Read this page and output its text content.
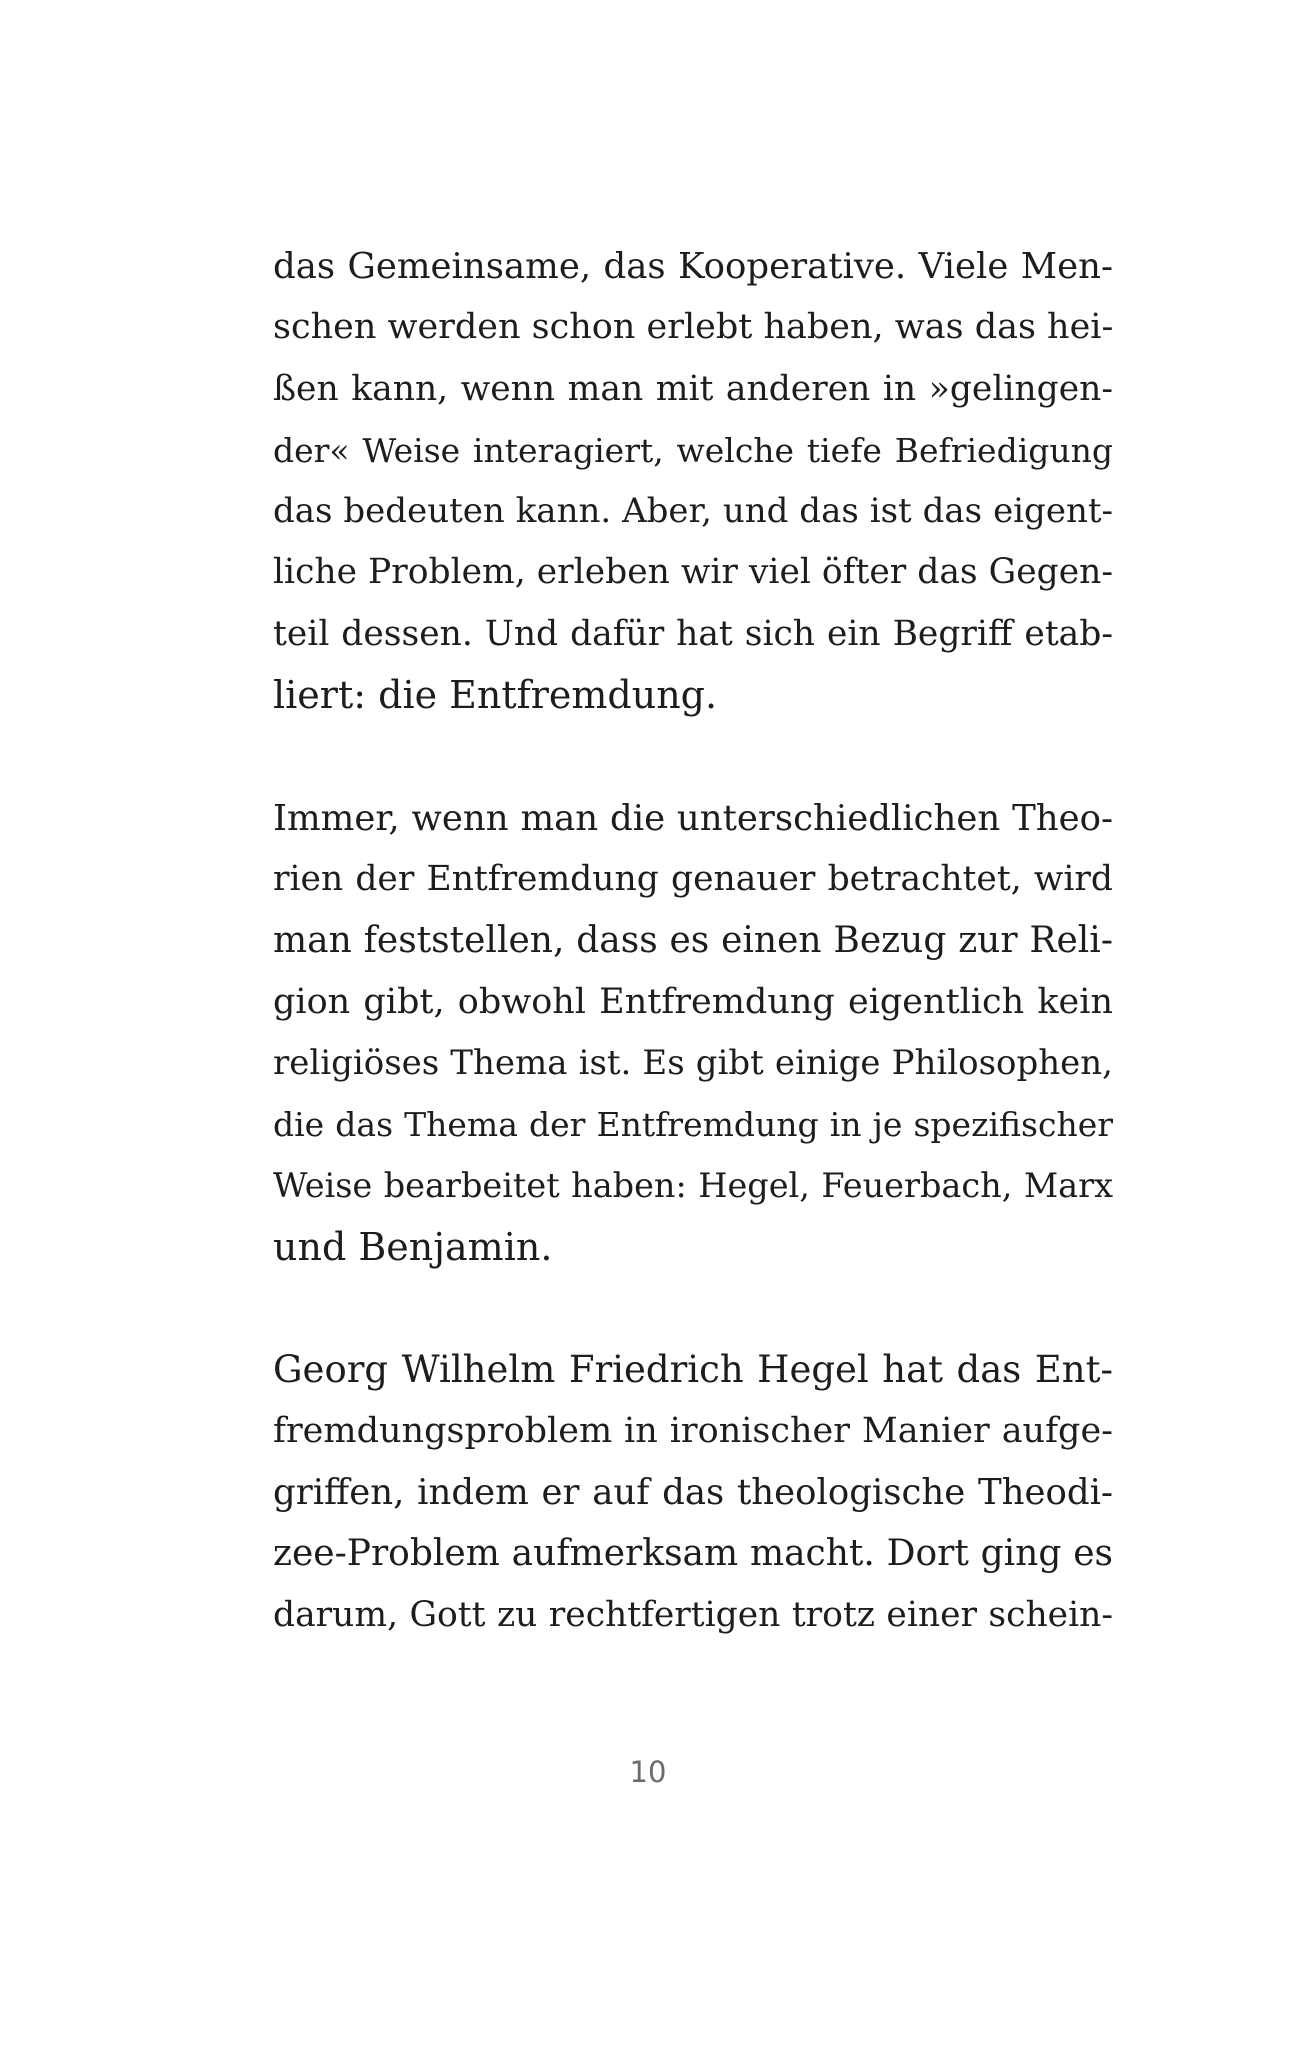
das Gemeinsame, das Kooperative. Viele Men-
schen werden schon erlebt haben, was das hei-
ßen kann, wenn man mit anderen in »gelingen-
der« Weise interagiert, welche tiefe Befriedigung
das bedeuten kann. Aber, und das ist das eigent-
liche Problem, erleben wir viel öfter das Gegen-
teil dessen. Und dafür hat sich ein Begriff etab-
liert: die Entfremdung.

Immer, wenn man die unterschiedlichen Theo-
rien der Entfremdung genauer betrachtet, wird
man feststellen, dass es einen Bezug zur Reli-
gion gibt, obwohl Entfremdung eigentlich kein
religiöses Thema ist. Es gibt einige Philosophen,
die das Thema der Entfremdung in je spezifischer
Weise bearbeitet haben: Hegel, Feuerbach, Marx
und Benjamin.

Georg Wilhelm Friedrich Hegel hat das Ent-
fremdungsproblem in ironischer Manier aufge-
griffen, indem er auf das theologische Theodi-
zee-Problem aufmerksam macht. Dort ging es
darum, Gott zu rechtfertigen trotz einer schein-

10
